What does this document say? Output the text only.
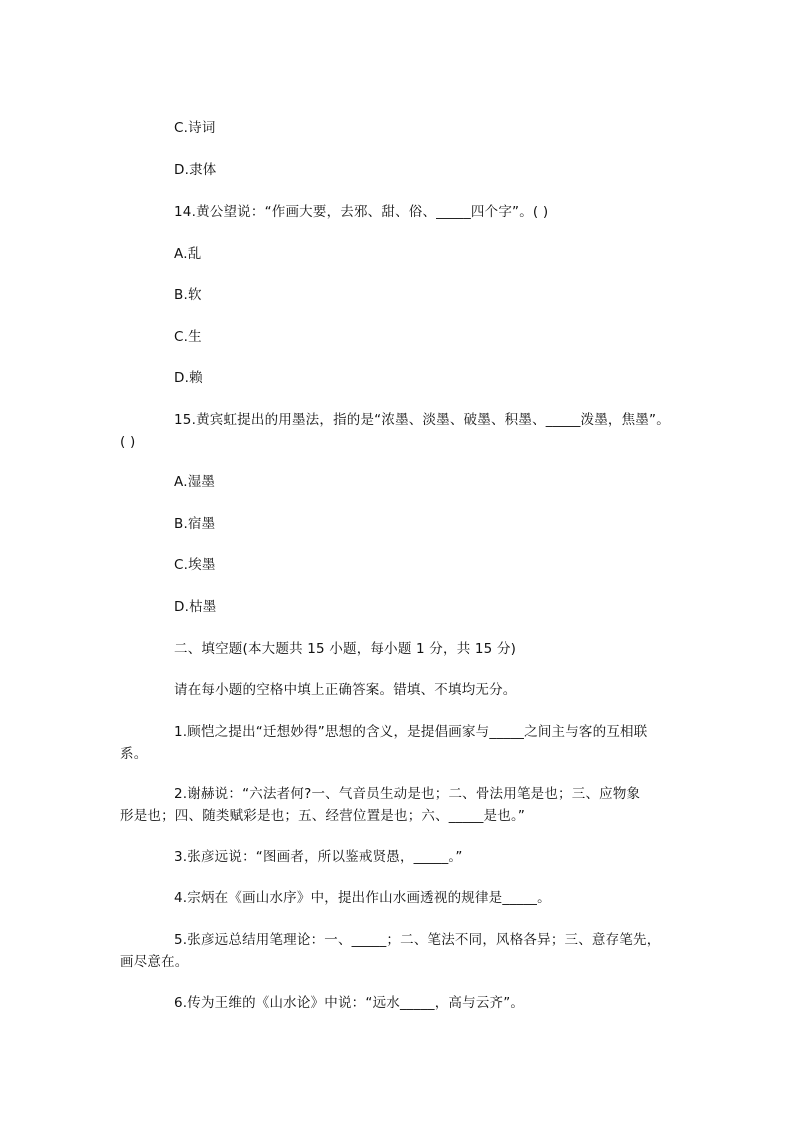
C.诗词
D.隶体
14.黄公望说：“作画大要，去邪、甜、俗、_____四个字”。( )
A.乱
B.软
C.生
D.赖
15.黄宾虹提出的用墨法，指的是“浓墨、淡墨、破墨、积墨、_____泼墨，焦墨”。
( )
A.湿墨
B.宿墨
C.埃墨
D.枯墨
二、填空题(本大题共 15 小题，每小题 1 分，共 15 分)
请在每小题的空格中填上正确答案。错填、不填均无分。
1.顾恺之提出“迁想妙得”思想的含义，是提倡画家与_____之间主与客的互相联
系。
2.谢赫说：“六法者何?一、气音员生动是也；二、骨法用笔是也；三、应物象
形是也；四、随类赋彩是也；五、经营位置是也；六、_____是也。”
3.张彦远说：“图画者，所以鉴戒贤愚，_____。”
4.宗炳在《画山水序》中，提出作山水画透视的规律是_____。
5.张彦远总结用笔理论：一、_____；二、笔法不同，风格各异；三、意存笔先，
画尽意在。
6.传为王维的《山水论》中说：“远水_____，高与云齐”。
